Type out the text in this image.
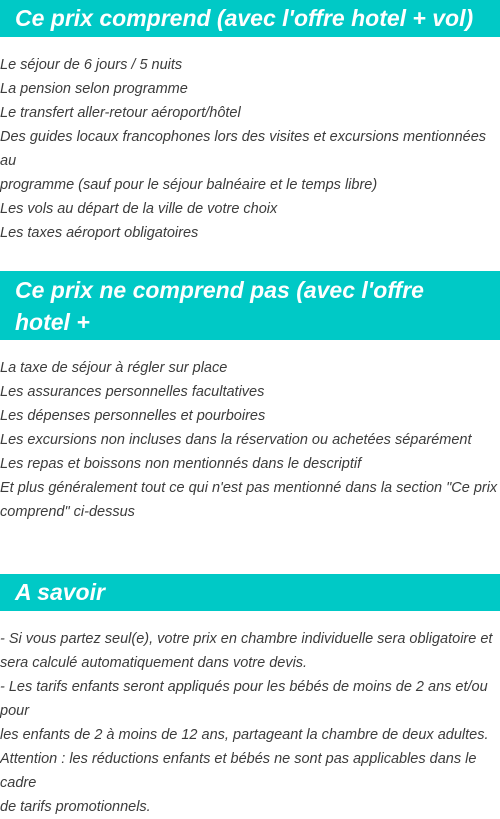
Ce prix comprend (avec l'offre hotel + vol)
Le séjour de 6 jours / 5 nuits
La pension selon programme
Le transfert aller-retour aéroport/hôtel
Des guides locaux francophones lors des visites et excursions mentionnées au
programme (sauf pour le séjour balnéaire et le temps libre)
Les vols au départ de la ville de votre choix
Les taxes aéroport obligatoires
Ce prix ne comprend pas (avec l'offre hotel +
vol)
La taxe de séjour à régler sur place
Les assurances personnelles facultatives
Les dépenses personnelles et pourboires
Les excursions non incluses dans la réservation ou achetées séparément
Les repas et boissons non mentionnés dans le descriptif
Et plus généralement tout ce qui n'est pas mentionné dans la section "Ce prix
comprend" ci-dessus
A savoir
- Si vous partez seul(e), votre prix en chambre individuelle sera obligatoire et
sera calculé automatiquement dans votre devis.
- Les tarifs enfants seront appliqués pour les bébés de moins de 2 ans et/ou pour
les enfants de 2 à moins de 12 ans, partageant la chambre de deux adultes.
Attention : les réductions enfants et bébés ne sont pas applicables dans le cadre
de tarifs promotionnels.
